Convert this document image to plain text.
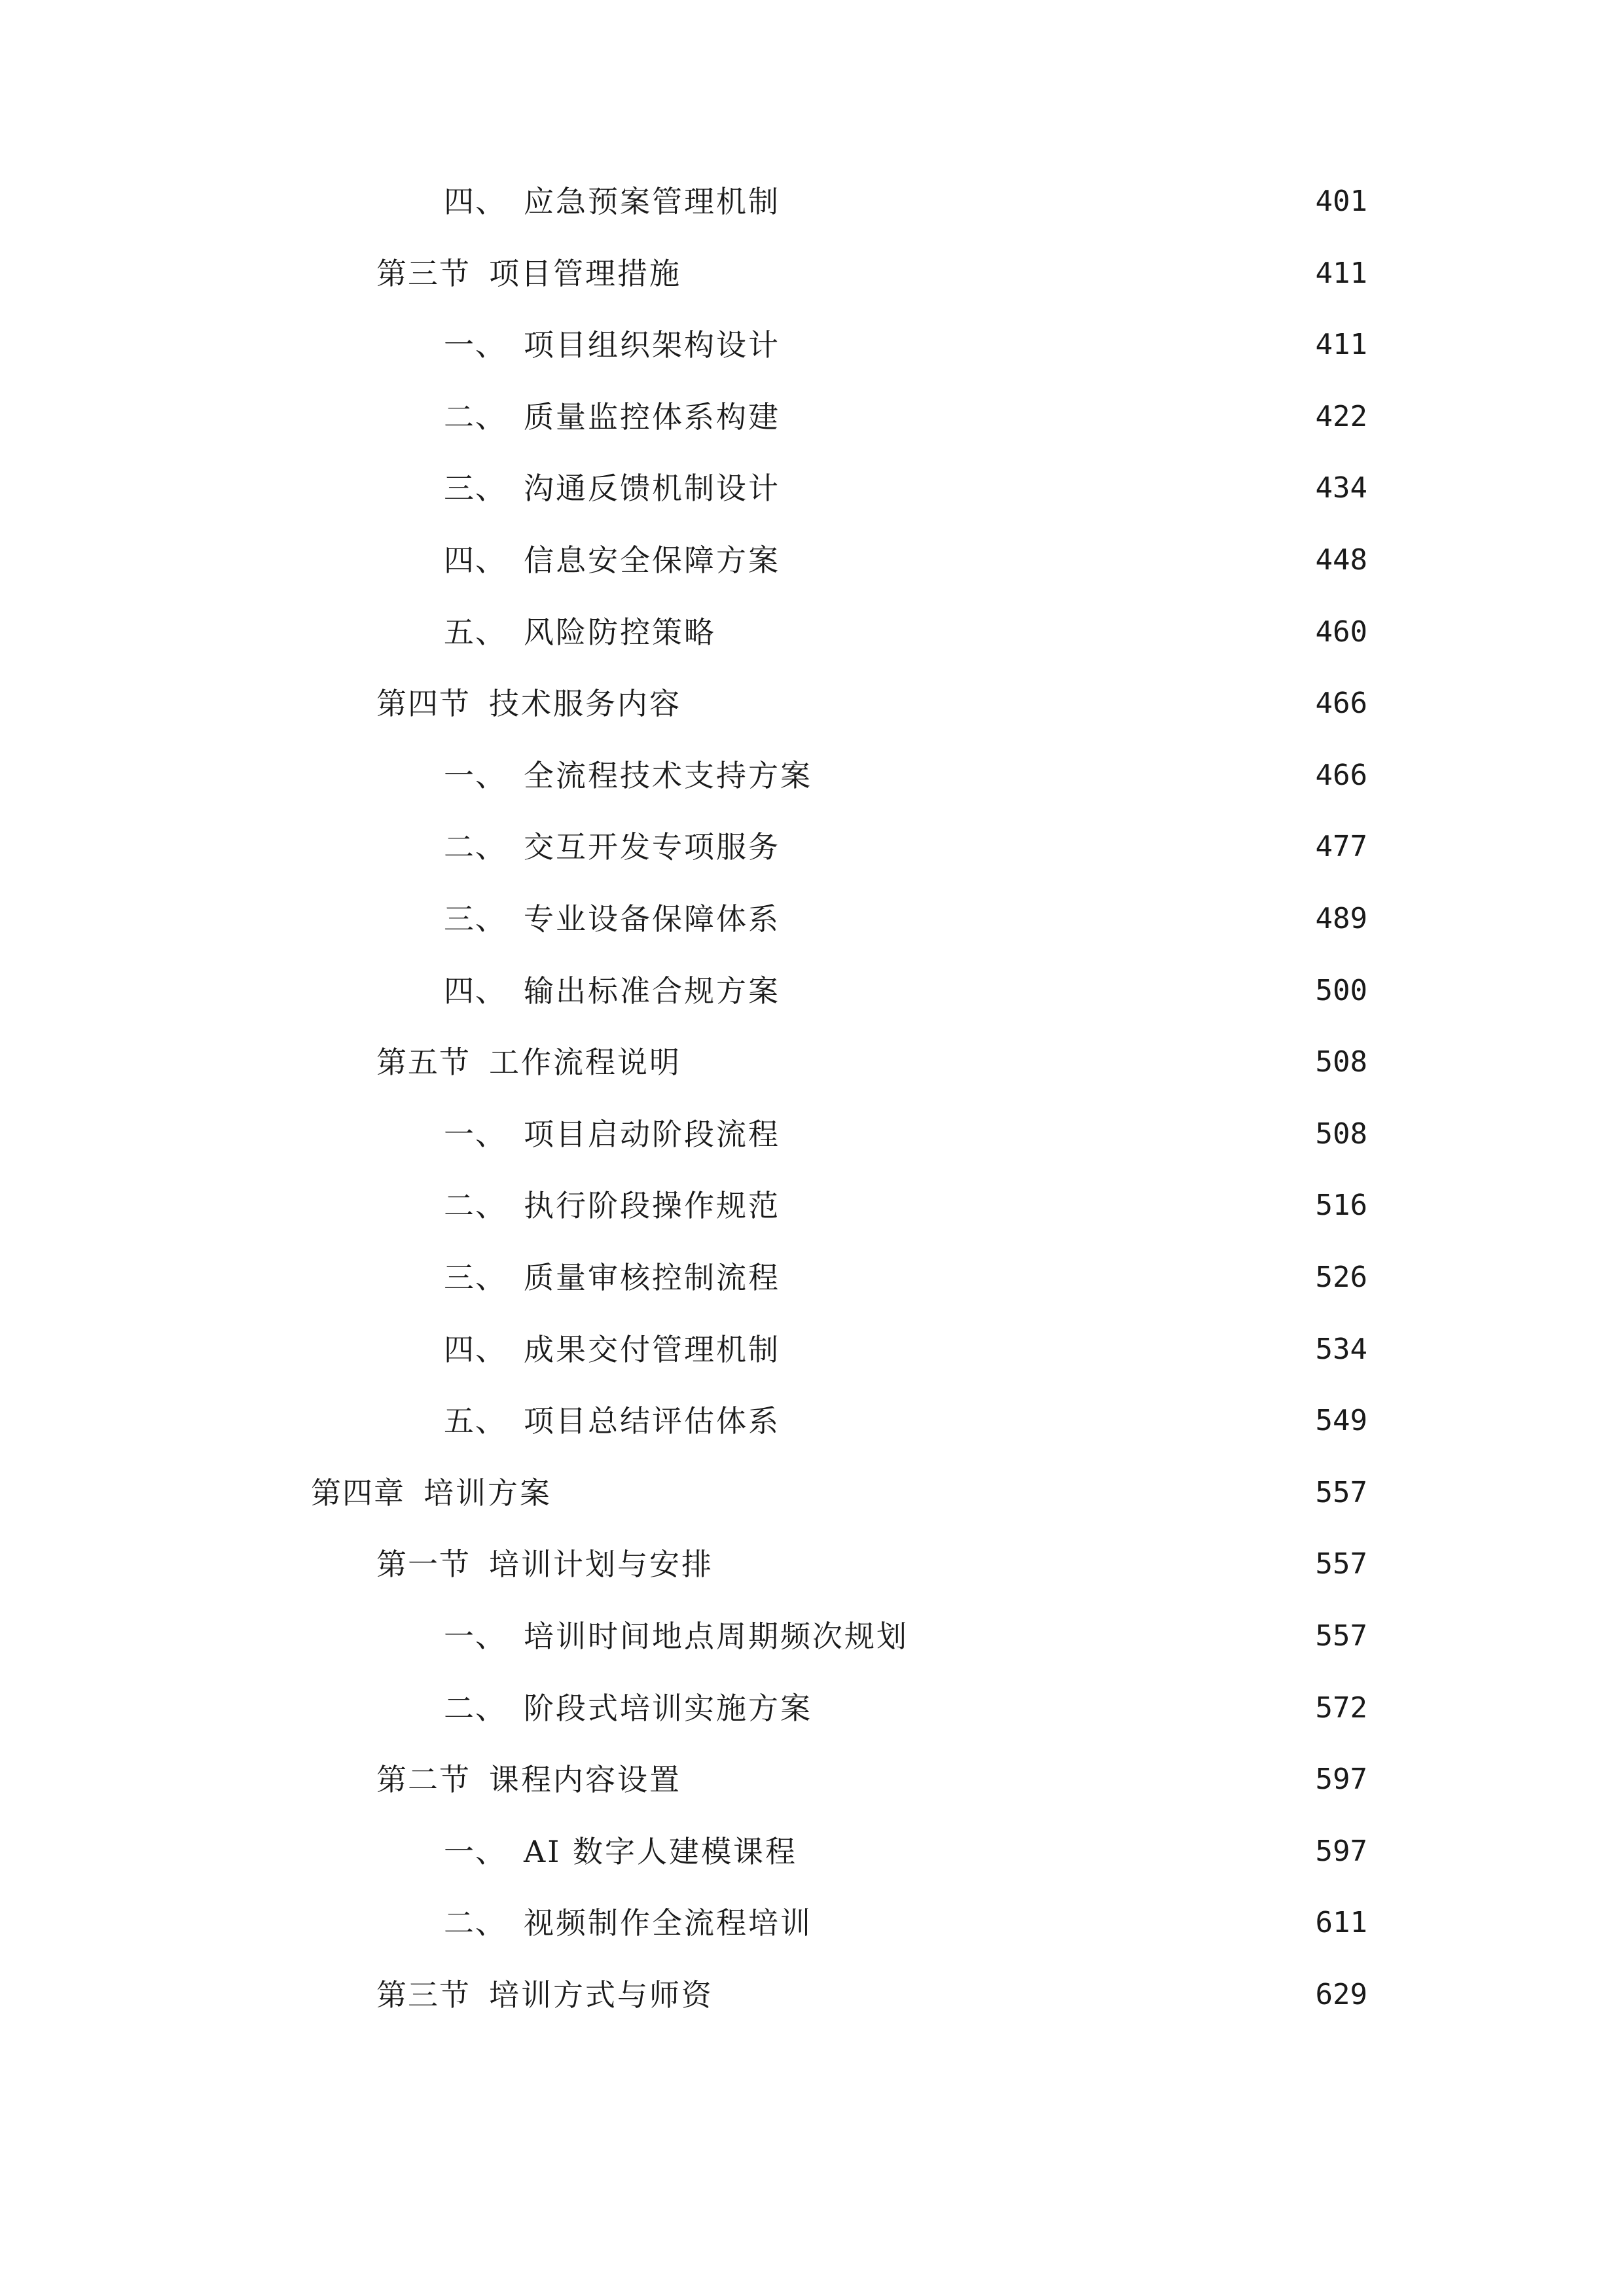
四、 应急预案管理机制	401
第三节 项目管理措施	411
一、 项目组织架构设计	411
二、 质量监控体系构建	422
三、 沟通反馈机制设计	434
四、 信息安全保障方案	448
五、 风险防控策略	460
第四节 技术服务内容	466
一、 全流程技术支持方案	466
二、 交互开发专项服务	477
三、 专业设备保障体系	489
四、 输出标准合规方案	500
第五节 工作流程说明	508
一、 项目启动阶段流程	508
二、 执行阶段操作规范	516
三、 质量审核控制流程	526
四、 成果交付管理机制	534
五、 项目总结评估体系	549
第四章 培训方案	557
第一节 培训计划与安排	557
一、 培训时间地点周期频次规划	557
二、 阶段式培训实施方案	572
第二节 课程内容设置	597
一、 AI 数字人建模课程	597
二、 视频制作全流程培训	611
第三节 培训方式与师资	629
